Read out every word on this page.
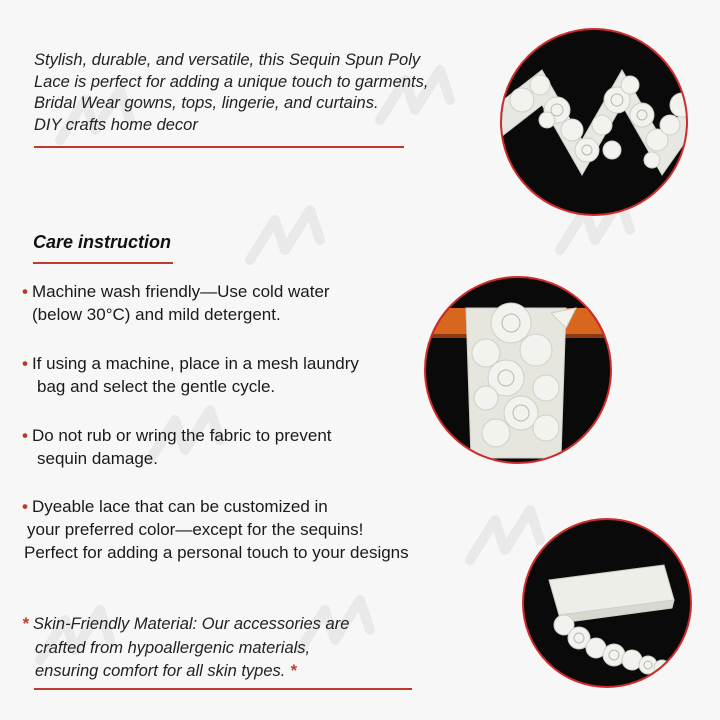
Stylish, durable, and versatile, this Sequin Spun Poly

Lace is perfect for adding a unique touch to garments,

Bridal Wear gowns, tops, lingerie, and curtains.

DIY crafts home decor

Care instruction
• Machine wash friendly—Use cold water
(below 30°C) and mild detergent.
• If using a machine, place in a mesh laundry
bag and select the gentle cycle.
• Do not rub or wring the fabric to prevent
sequin damage.
• Dyeable lace that can be customized in
your preferred color—except for the sequins!
Perfect for adding a personal touch to your designs
* Skin-Friendly Material: Our accessories are
crafted from hypoallergenic materials,
ensuring comfort for all skin types. *
